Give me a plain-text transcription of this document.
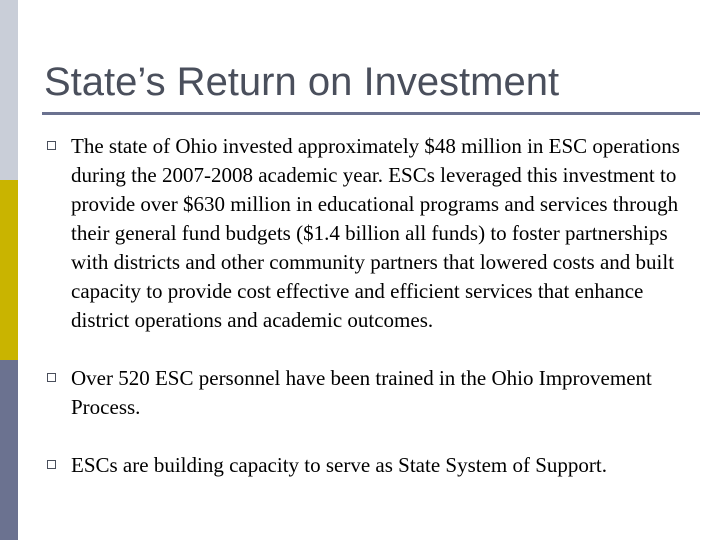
State’s Return on Investment
The state of Ohio invested approximately $48 million in ESC operations during the 2007-2008 academic year. ESCs leveraged this investment to provide over $630 million in educational programs and services through their general fund budgets ($1.4 billion all funds) to foster partnerships with districts and other community partners that lowered costs and built capacity to provide cost effective and efficient services that enhance district operations and academic outcomes.
Over 520 ESC personnel have been trained in the Ohio Improvement Process.
ESCs are building capacity to serve as State System of Support.
